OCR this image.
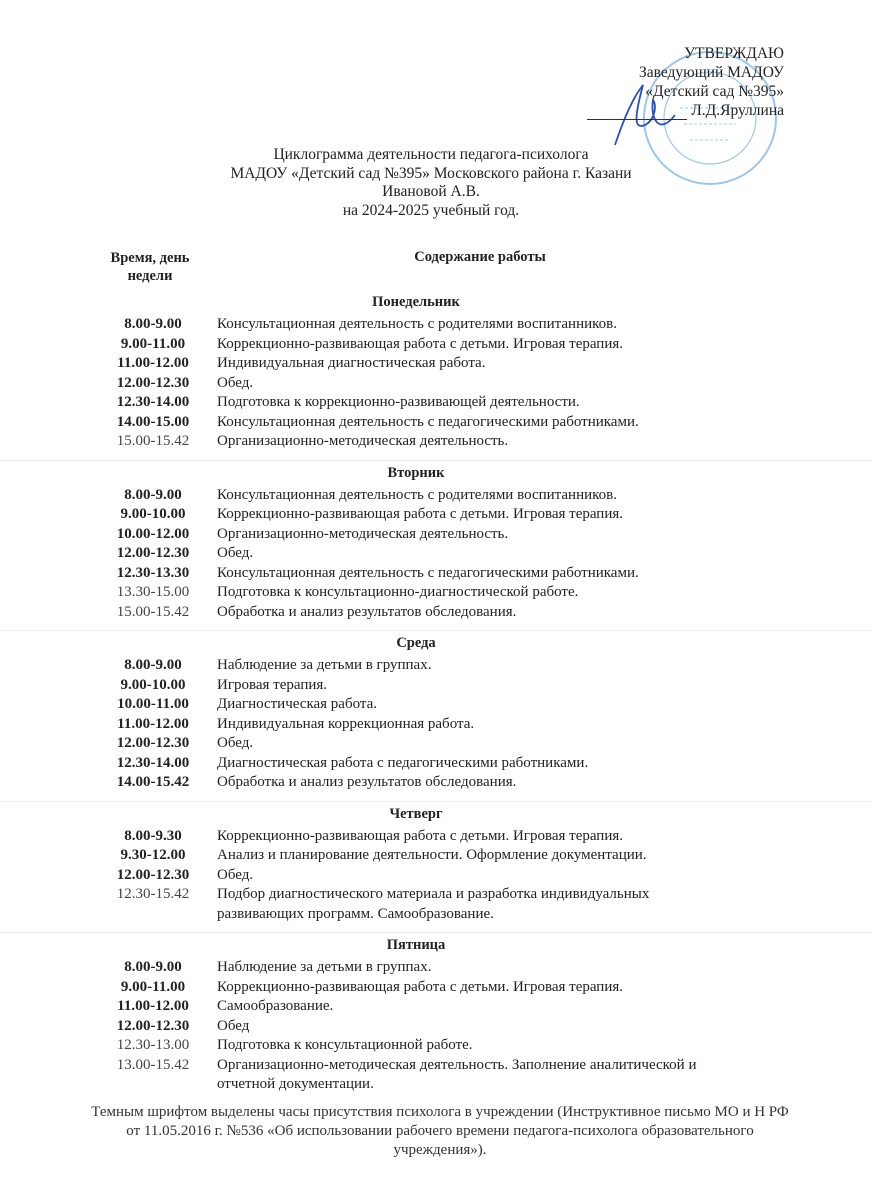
УТВЕРЖДАЮ
Заведующий МАДОУ
«Детский сад №395»
Л.Д.Яруллина
Циклограмма деятельности педагога-психолога
МАДОУ «Детский сад №395» Московского района г. Казани
Ивановой А.В.
на 2024-2025 учебный год.
Время, день недели
Содержание работы
Понедельник
8.00-9.00	Консультационная деятельность с родителями воспитанников.
9.00-11.00	Коррекционно-развивающая работа с детьми. Игровая терапия.
11.00-12.00	Индивидуальная диагностическая работа.
12.00-12.30	Обед.
12.30-14.00	Подготовка к коррекционно-развивающей деятельности.
14.00-15.00	Консультационная деятельность с педагогическими работниками.
15.00-15.42	Организационно-методическая деятельность.
Вторник
8.00-9.00	Консультационная деятельность с родителями воспитанников.
9.00-10.00	Коррекционно-развивающая работа с детьми. Игровая терапия.
10.00-12.00	Организационно-методическая деятельность.
12.00-12.30	Обед.
12.30-13.30	Консультационная деятельность с педагогическими работниками.
13.30-15.00	Подготовка к консультационно-диагностической работе.
15.00-15.42	Обработка и анализ результатов обследования.
Среда
8.00-9.00	Наблюдение за детьми в группах.
9.00-10.00	Игровая терапия.
10.00-11.00	Диагностическая работа.
11.00-12.00	Индивидуальная коррекционная работа.
12.00-12.30	Обед.
12.30-14.00	Диагностическая работа с педагогическими работниками.
14.00-15.42	Обработка и анализ результатов обследования.
Четверг
8.00-9.30	Коррекционно-развивающая работа с детьми. Игровая терапия.
9.30-12.00	Анализ и планирование деятельности. Оформление документации.
12.00-12.30	Обед.
12.30-15.42	Подбор диагностического материала и разработка индивидуальных развивающих программ. Самообразование.
Пятница
8.00-9.00	Наблюдение за детьми в группах.
9.00-11.00	Коррекционно-развивающая работа с детьми. Игровая терапия.
11.00-12.00	Самообразование.
12.00-12.30	Обед
12.30-13.00	Подготовка к консультационной работе.
13.00-15.42	Организационно-методическая деятельность. Заполнение аналитической и отчетной документации.
Темным шрифтом выделены часы присутствия психолога в учреждении (Инструктивное письмо МО и Н РФ от 11.05.2016 г. №536 «Об использовании рабочего времени педагога-психолога образовательного учреждения»).
